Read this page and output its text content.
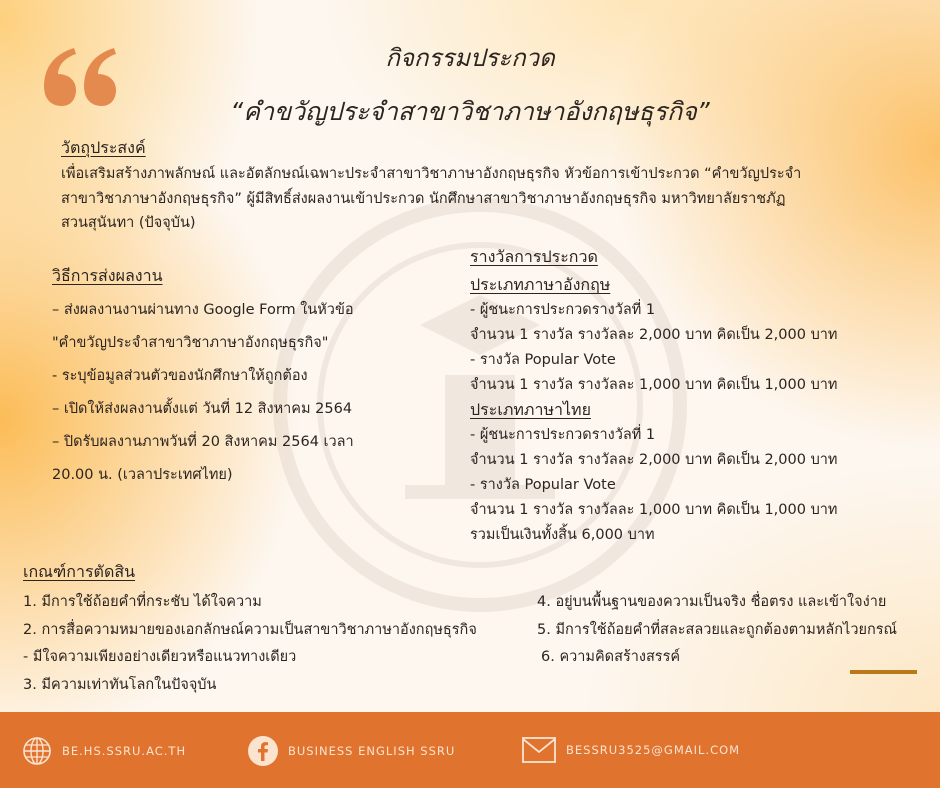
กิจกรรมประกวด
“คำขวัญประจำสาขาวิชาภาษาอังกฤษธุรกิจ”
วัตถุประสงค์
เพื่อเสริมสร้างภาพลักษณ์ และอัตลักษณ์เฉพาะประจำสาขาวิชาภาษาอังกฤษธุรกิจ หัวข้อการเข้าประกวด “คำขวัญประจำ
สาขาวิชาภาษาอังกฤษธุรกิจ” ผู้มีสิทธิ์ส่งผลงานเข้าประกวด นักศึกษาสาขาวิชาภาษาอังกฤษธุรกิจ มหาวิทยาลัยราชภัฏ
สวนสุนันทา (ปัจจุบัน)
วิธีการส่งผลงาน
– ส่งผลงานงานผ่านทาง Google Form ในหัวข้อ
"คำขวัญประจำสาขาวิชาภาษาอังกฤษธุรกิจ"
- ระบุข้อมูลส่วนตัวของนักศึกษาให้ถูกต้อง
– เปิดให้ส่งผลงานตั้งแต่ วันที่ 12 สิงหาคม 2564
– ปิดรับผลงานภาพวันที่ 20 สิงหาคม 2564 เวลา
20.00 น. (เวลาประเทศไทย)
รางวัลการประกวด
ประเภทภาษาอังกฤษ
- ผู้ชนะการประกวดรางวัลที่ 1
จำนวน 1 รางวัล รางวัลละ 2,000 บาท คิดเป็น 2,000 บาท
- รางวัล Popular Vote
จำนวน 1 รางวัล รางวัลละ 1,000 บาท คิดเป็น 1,000 บาท
ประเภทภาษาไทย
- ผู้ชนะการประกวดรางวัลที่ 1
จำนวน 1 รางวัล รางวัลละ 2,000 บาท คิดเป็น 2,000 บาท
- รางวัล Popular Vote
จำนวน 1 รางวัล รางวัลละ 1,000 บาท คิดเป็น 1,000 บาท
รวมเป็นเงินทั้งสิ้น 6,000 บาท
เกณฑ์การตัดสิน
1. มีการใช้ถ้อยคำที่กระชับ ได้ใจความ
2. การสื่อความหมายของเอกลักษณ์ความเป็นสาขาวิชาภาษาอังกฤษธุรกิจ
- มีใจความเพียงอย่างเดียวหรือแนวทางเดียว
3. มีความเท่าทันโลกในปัจจุบัน
4. อยู่บนพื้นฐานของความเป็นจริง ชื่อตรง และเข้าใจง่าย
5. มีการใช้ถ้อยคำที่สละสลวยและถูกต้องตามหลักไวยกรณ์
6. ความคิดสร้างสรรค์
BE.HS.SSRU.AC.TH	BUSINESS ENGLISH SSRU	BESSRU3525@GMAIL.COM
